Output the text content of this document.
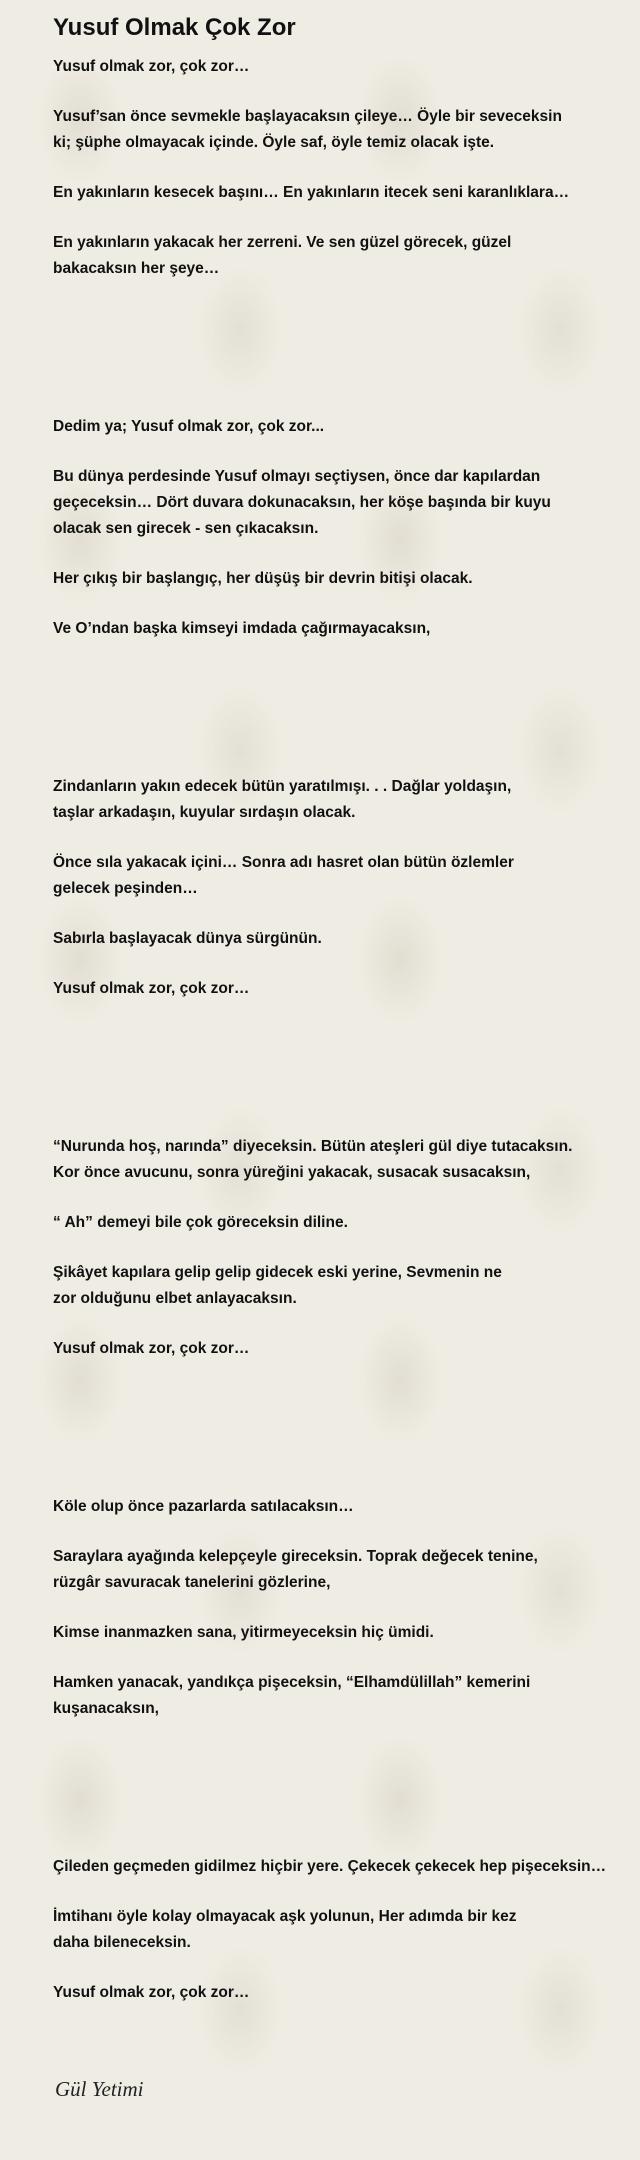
Yusuf Olmak Çok Zor
Yusuf olmak zor, çok zor…
Yusuf’san önce sevmekle başlayacaksın çileye… Öyle bir seveceksin
ki; şüphe olmayacak içinde. Öyle saf, öyle temiz olacak işte.
En yakınların kesecek başını… En yakınların itecek seni karanlıklara…
En yakınların yakacak her zerreni. Ve sen güzel görecek, güzel
bakacaksın her şeye…
Dedim ya; Yusuf olmak zor, çok zor...
Bu dünya perdesinde Yusuf olmayı seçtiysen, önce dar kapılardan
geçeceksin… Dört duvara dokunacaksın, her köşe başında bir kuyu
olacak sen girecek - sen çıkacaksın.
Her çıkış bir başlangıç, her düşüş bir devrin bitişi olacak.
Ve O’ndan başka kimseyi imdada çağırmayacaksın,
Zindanların yakın edecek bütün yaratılmışı. . . Dağlar yoldaşın,
taşlar arkadaşın, kuyular sırdaşın olacak.
Önce sıla yakacak içini… Sonra adı hasret olan bütün özlemler
gelecek peşinden…
Sabırla başlayacak dünya sürgünün.
Yusuf olmak zor, çok zor…
“Nurunda hoş, narında” diyeceksin. Bütün ateşleri gül diye tutacaksın.
Kor önce avucunu, sonra yüreğini yakacak, susacak susacaksın,
“ Ah” demeyi bile çok göreceksin diline.
Şikâyet kapılara gelip gelip gidecek eski yerine, Sevmenin ne
zor olduğunu elbet anlayacaksın.
Yusuf olmak zor, çok zor…
Köle olup önce pazarlarda satılacaksın…
Saraylara ayağında kelepçeyle gireceksin. Toprak değecek tenine,
rüzgâr savuracak tanelerini gözlerine,
Kimse inanmazken sana, yitirmeyeceksin hiç ümidi.
Hamken yanacak, yandıkça pişeceksin, “Elhamdülillah” kemerini
kuşanacaksın,
Çileden geçmeden gidilmez hiçbir yere. Çekecek çekecek hep pişeceksin…
İmtihanı öyle kolay olmayacak aşk yolunun, Her adımda bir kez
daha bileneceksin.
Yusuf olmak zor, çok zor…
Gül Yetimi
